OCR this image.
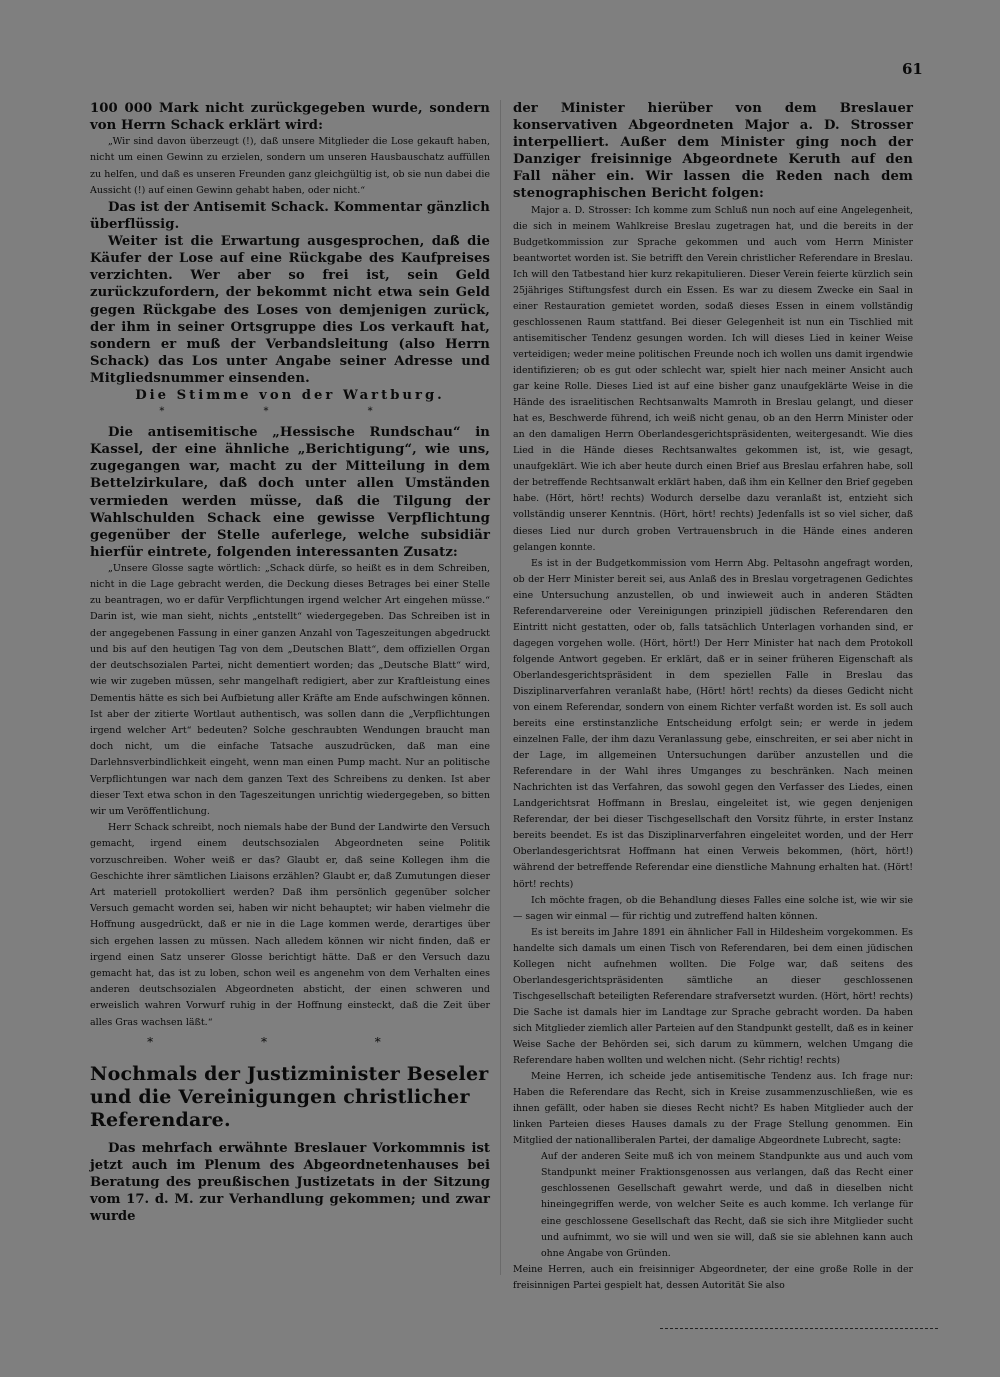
61

100 000 Mark nicht zurückgegeben wurde, sondern von Herrn Schack erklärt wird:

„Wir sind davon überzeugt (!), daß unsere Mitglieder die Lose gekauft haben, nicht um einen Gewinn zu erzielen, sondern um unseren Hausbauschatz auffüllen zu helfen, und daß es unseren Freunden ganz gleichgültig ist, ob sie nun dabei die Aussicht (!) auf einen Gewinn gehabt haben, oder nicht.“

Das ist der Antisemit Schack. Kommentar gänzlich überflüssig.

Weiter ist die Erwartung ausgesprochen, daß die Käufer der Lose auf eine Rückgabe des Kaufpreises verzichten. Wer aber so frei ist, sein Geld zurückzufordern, der bekommt nicht etwa sein Geld gegen Rückgabe des Loses von demjenigen zurück, der ihm in seiner Ortsgruppe dies Los verkauft hat, sondern er muß der Verbandsleitung (also Herrn Schack) das Los unter Angabe seiner Adresse und Mitgliedsnummer einsenden.

Die Stimme von der Wartburg.

* * *

Die antisemitische „Hessische Rundschau“ in Kassel, der eine ähnliche „Berichtigung“, wie uns, zugegangen war, macht zu der Mitteilung in dem Bettelzirkulare, daß doch unter allen Umständen vermieden werden müsse, daß die Tilgung der Wahlschulden Schack eine gewisse Verpflichtung gegenüber der Stelle auferlege, welche subsidiär hierfür eintrete, folgenden interessanten Zusatz:

„Unsere Glosse sagte wörtlich: „Schack dürfe, so heißt es in dem Schreiben, nicht in die Lage gebracht werden, die Deckung dieses Betrages bei einer Stelle zu beantragen, wo er dafür Verpflichtungen irgend welcher Art eingehen müsse.“ Darin ist, wie man sieht, nichts „entstellt“ wiedergegeben. Das Schreiben ist in der angegebenen Fassung in einer ganzen Anzahl von Tageszeitungen abgedruckt und bis auf den heutigen Tag von dem „Deutschen Blatt“, dem offiziellen Organ der deutschsozialen Partei, nicht dementiert worden; das „Deutsche Blatt“ wird, wie wir zugeben müssen, sehr mangelhaft redigiert, aber zur Kraftleistung eines Dementis hätte es sich bei Aufbietung aller Kräfte am Ende aufschwingen können. Ist aber der zitierte Wortlaut authentisch, was sollen dann die „Verpflichtungen irgend welcher Art“ bedeuten? Solche geschraubten Wendungen braucht man doch nicht, um die einfache Tatsache auszudrücken, daß man eine Darlehnsverbindlichkeit eingeht, wenn man einen Pump macht. Nur an politische Verpflichtungen war nach dem ganzen Text des Schreibens zu denken. Ist aber dieser Text etwa schon in den Tageszeitungen unrichtig wiedergegeben, so bitten wir um Veröffentlichung.

Herr Schack schreibt, noch niemals habe der Bund der Landwirte den Versuch gemacht, irgend einem deutschsozialen Abgeordneten seine Politik vorzuschreiben. Woher weiß er das? Glaubt er, daß seine Kollegen ihm die Geschichte ihrer sämtlichen Liaisons erzählen? Glaubt er, daß Zumutungen dieser Art materiell protokolliert werden? Daß ihm persönlich gegenüber solcher Versuch gemacht worden sei, haben wir nicht behauptet; wir haben vielmehr die Hoffnung ausgedrückt, daß er nie in die Lage kommen werde, derartiges über sich ergehen lassen zu müssen. Nach alledem können wir nicht finden, daß er irgend einen Satz unserer Glosse berichtigt hätte. Daß er den Versuch dazu gemacht hat, das ist zu loben, schon weil es angenehm von dem Verhalten eines anderen deutschsozialen Abgeordneten absticht, der einen schweren und erweislich wahren Vorwurf ruhig in der Hoffnung einsteckt, daß die Zeit über alles Gras wachsen läßt.“

* * *

Nochmals der Justizminister Beseler und die Vereinigungen christlicher Referendare.

Das mehrfach erwähnte Breslauer Vorkommnis ist jetzt auch im Plenum des Abgeordnetenhauses bei Beratung des preußischen Justizetats in der Sitzung vom 17. d. M. zur Verhandlung gekommen; und zwar wurde

der Minister hierüber von dem Breslauer konservativen Abgeordneten Major a. D. Strosser interpelliert. Außer dem Minister ging noch der Danziger freisinnige Abgeordnete Keruth auf den Fall näher ein. Wir lassen die Reden nach dem stenographischen Bericht folgen:

Major a. D. Strosser: Ich komme zum Schluß nun noch auf eine Angelegenheit, die sich in meinem Wahlkreise Breslau zugetragen hat, und die bereits in der Budgetkommission zur Sprache gekommen und auch vom Herrn Minister beantwortet worden ist. Sie betrifft den Verein christlicher Referendare in Breslau. Ich will den Tatbestand hier kurz rekapitulieren. Dieser Verein feierte kürzlich sein 25jähriges Stiftungsfest durch ein Essen. Es war zu diesem Zwecke ein Saal in einer Restauration gemietet worden, sodaß dieses Essen in einem vollständig geschlossenen Raum stattfand. Bei dieser Gelegenheit ist nun ein Tischlied mit antisemitischer Tendenz gesungen worden. Ich will dieses Lied in keiner Weise verteidigen; weder meine politischen Freunde noch ich wollen uns damit irgendwie identifizieren; ob es gut oder schlecht war, spielt hier nach meiner Ansicht auch gar keine Rolle. Dieses Lied ist auf eine bisher ganz unaufgeklärte Weise in die Hände des israelitischen Rechtsanwalts Mamroth in Breslau gelangt, und dieser hat es, Beschwerde führend, ich weiß nicht genau, ob an den Herrn Minister oder an den damaligen Herrn Oberlandesgerichtspräsidenten, weitergesandt. Wie dies Lied in die Hände dieses Rechtsanwaltes gekommen ist, ist, wie gesagt, unaufgeklärt. Wie ich aber heute durch einen Brief aus Breslau erfahren habe, soll der betreffende Rechtsanwalt erklärt haben, daß ihm ein Kellner den Brief gegeben habe. (Hört, hört! rechts) Wodurch derselbe dazu veranlaßt ist, entzieht sich vollständig unserer Kenntnis. (Hört, hört! rechts) Jedenfalls ist so viel sicher, daß dieses Lied nur durch groben Vertrauensbruch in die Hände eines anderen gelangen konnte.

Es ist in der Budgetkommission vom Herrn Abg. Peltasohn angefragt worden, ob der Herr Minister bereit sei, aus Anlaß des in Breslau vorgetragenen Gedichtes eine Untersuchung anzustellen, ob und inwieweit auch in anderen Städten Referendarvereine oder Vereinigungen prinzipiell jüdischen Referendaren den Eintritt nicht gestatten, oder ob, falls tatsächlich Unterlagen vorhanden sind, er dagegen vorgehen wolle. (Hört, hört!) Der Herr Minister hat nach dem Protokoll folgende Antwort gegeben. Er erklärt, daß er in seiner früheren Eigenschaft als Oberlandesgerichtspräsident in dem speziellen Falle in Breslau das Disziplinarverfahren veranlaßt habe, (Hört! hört! rechts) da dieses Gedicht nicht von einem Referendar, sondern von einem Richter verfaßt worden ist. Es soll auch bereits eine erstinstanzliche Entscheidung erfolgt sein; er werde in jedem einzelnen Falle, der ihm dazu Veranlassung gebe, einschreiten, er sei aber nicht in der Lage, im allgemeinen Untersuchungen darüber anzustellen und die Referendare in der Wahl ihres Umganges zu beschränken. Nach meinen Nachrichten ist das Verfahren, das sowohl gegen den Verfasser des Liedes, einen Landgerichtsrat Hoffmann in Breslau, eingeleitet ist, wie gegen denjenigen Referendar, der bei dieser Tischgesellschaft den Vorsitz führte, in erster Instanz bereits beendet. Es ist das Disziplinarverfahren eingeleitet worden, und der Herr Oberlandesgerichtsrat Hoffmann hat einen Verweis bekommen, (hört, hört!) während der betreffende Referendar eine dienstliche Mahnung erhalten hat. (Hört! hört! rechts)

Ich möchte fragen, ob die Behandlung dieses Falles eine solche ist, wie wir sie — sagen wir einmal — für richtig und zutreffend halten können.

Es ist bereits im Jahre 1891 ein ähnlicher Fall in Hildesheim vorgekommen. Es handelte sich damals um einen Tisch von Referendaren, bei dem einen jüdischen Kollegen nicht aufnehmen wollten. Die Folge war, daß seitens des Oberlandesgerichtspräsidenten sämtliche an dieser geschlossenen Tischgesellschaft beteiligten Referendare strafversetzt wurden. (Hört, hört! rechts) Die Sache ist damals hier im Landtage zur Sprache gebracht worden. Da haben sich Mitglieder ziemlich aller Parteien auf den Standpunkt gestellt, daß es in keiner Weise Sache der Behörden sei, sich darum zu kümmern, welchen Umgang die Referendare haben wollten und welchen nicht. (Sehr richtig! rechts)

Meine Herren, ich scheide jede antisemitische Tendenz aus. Ich frage nur: Haben die Referendare das Recht, sich in Kreise zusammenzuschließen, wie es ihnen gefällt, oder haben sie dieses Recht nicht? Es haben Mitglieder auch der linken Parteien dieses Hauses damals zu der Frage Stellung genommen. Ein Mitglied der nationalliberalen Partei, der damalige Abgeordnete Lubrecht, sagte:

Auf der anderen Seite muß ich von meinem Standpunkte aus und auch vom Standpunkt meiner Fraktionsgenossen aus verlangen, daß das Recht einer geschlossenen Gesellschaft gewahrt werde, und daß in dieselben nicht hineingegriffen werde, von welcher Seite es auch komme. Ich verlange für eine geschlossene Gesellschaft das Recht, daß sie sich ihre Mitglieder sucht und aufnimmt, wo sie will und wen sie will, daß sie sie ablehnen kann auch ohne Angabe von Gründen.

Meine Herren, auch ein freisinniger Abgeordneter, der eine große Rolle in der freisinnigen Partei gespielt hat, dessen Autorität Sie also
